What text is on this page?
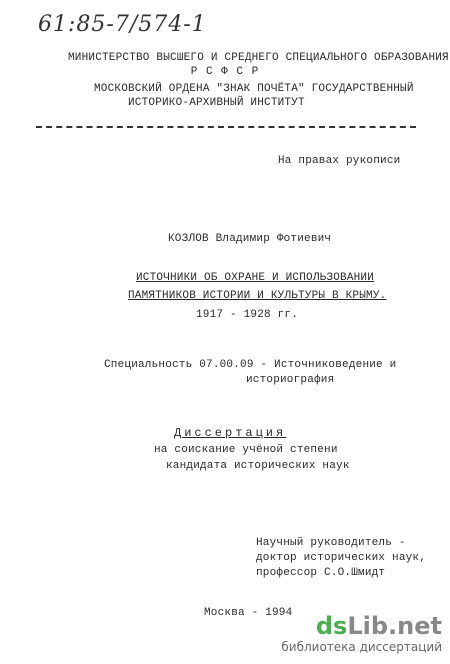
61:85-7/574-1
МИНИСТЕРСТВО ВЫСШЕГО И СРЕДНЕГО СПЕЦИАЛЬНОГО ОБРАЗОВАНИЯ
Р С Ф С Р
МОСКОВСКИЙ ОРДЕНА "ЗНАК ПОЧЁТА" ГОСУДАРСТВЕННЫЙ
ИСТОРИКО-АРХИВНЫЙ ИНСТИТУТ
На правах рукописи
КОЗЛОВ Владимир Фотиевич
ИСТОЧНИКИ ОБ ОХРАНЕ И ИСПОЛЬЗОВАНИИ
ПАМЯТНИКОВ ИСТОРИИ И КУЛЬТУРЫ В КРЫМУ.
1917 - 1928 гг.
Специальность 07.00.09 - Источниковедение и
историография
Диссертация
на соискание учёной степени
кандидата исторических наук
Научный руководитель -
доктор исторических наук,
профессор С.О.Шмидт
Москва - 1994 dsLib.net
библиотека диссертаций
